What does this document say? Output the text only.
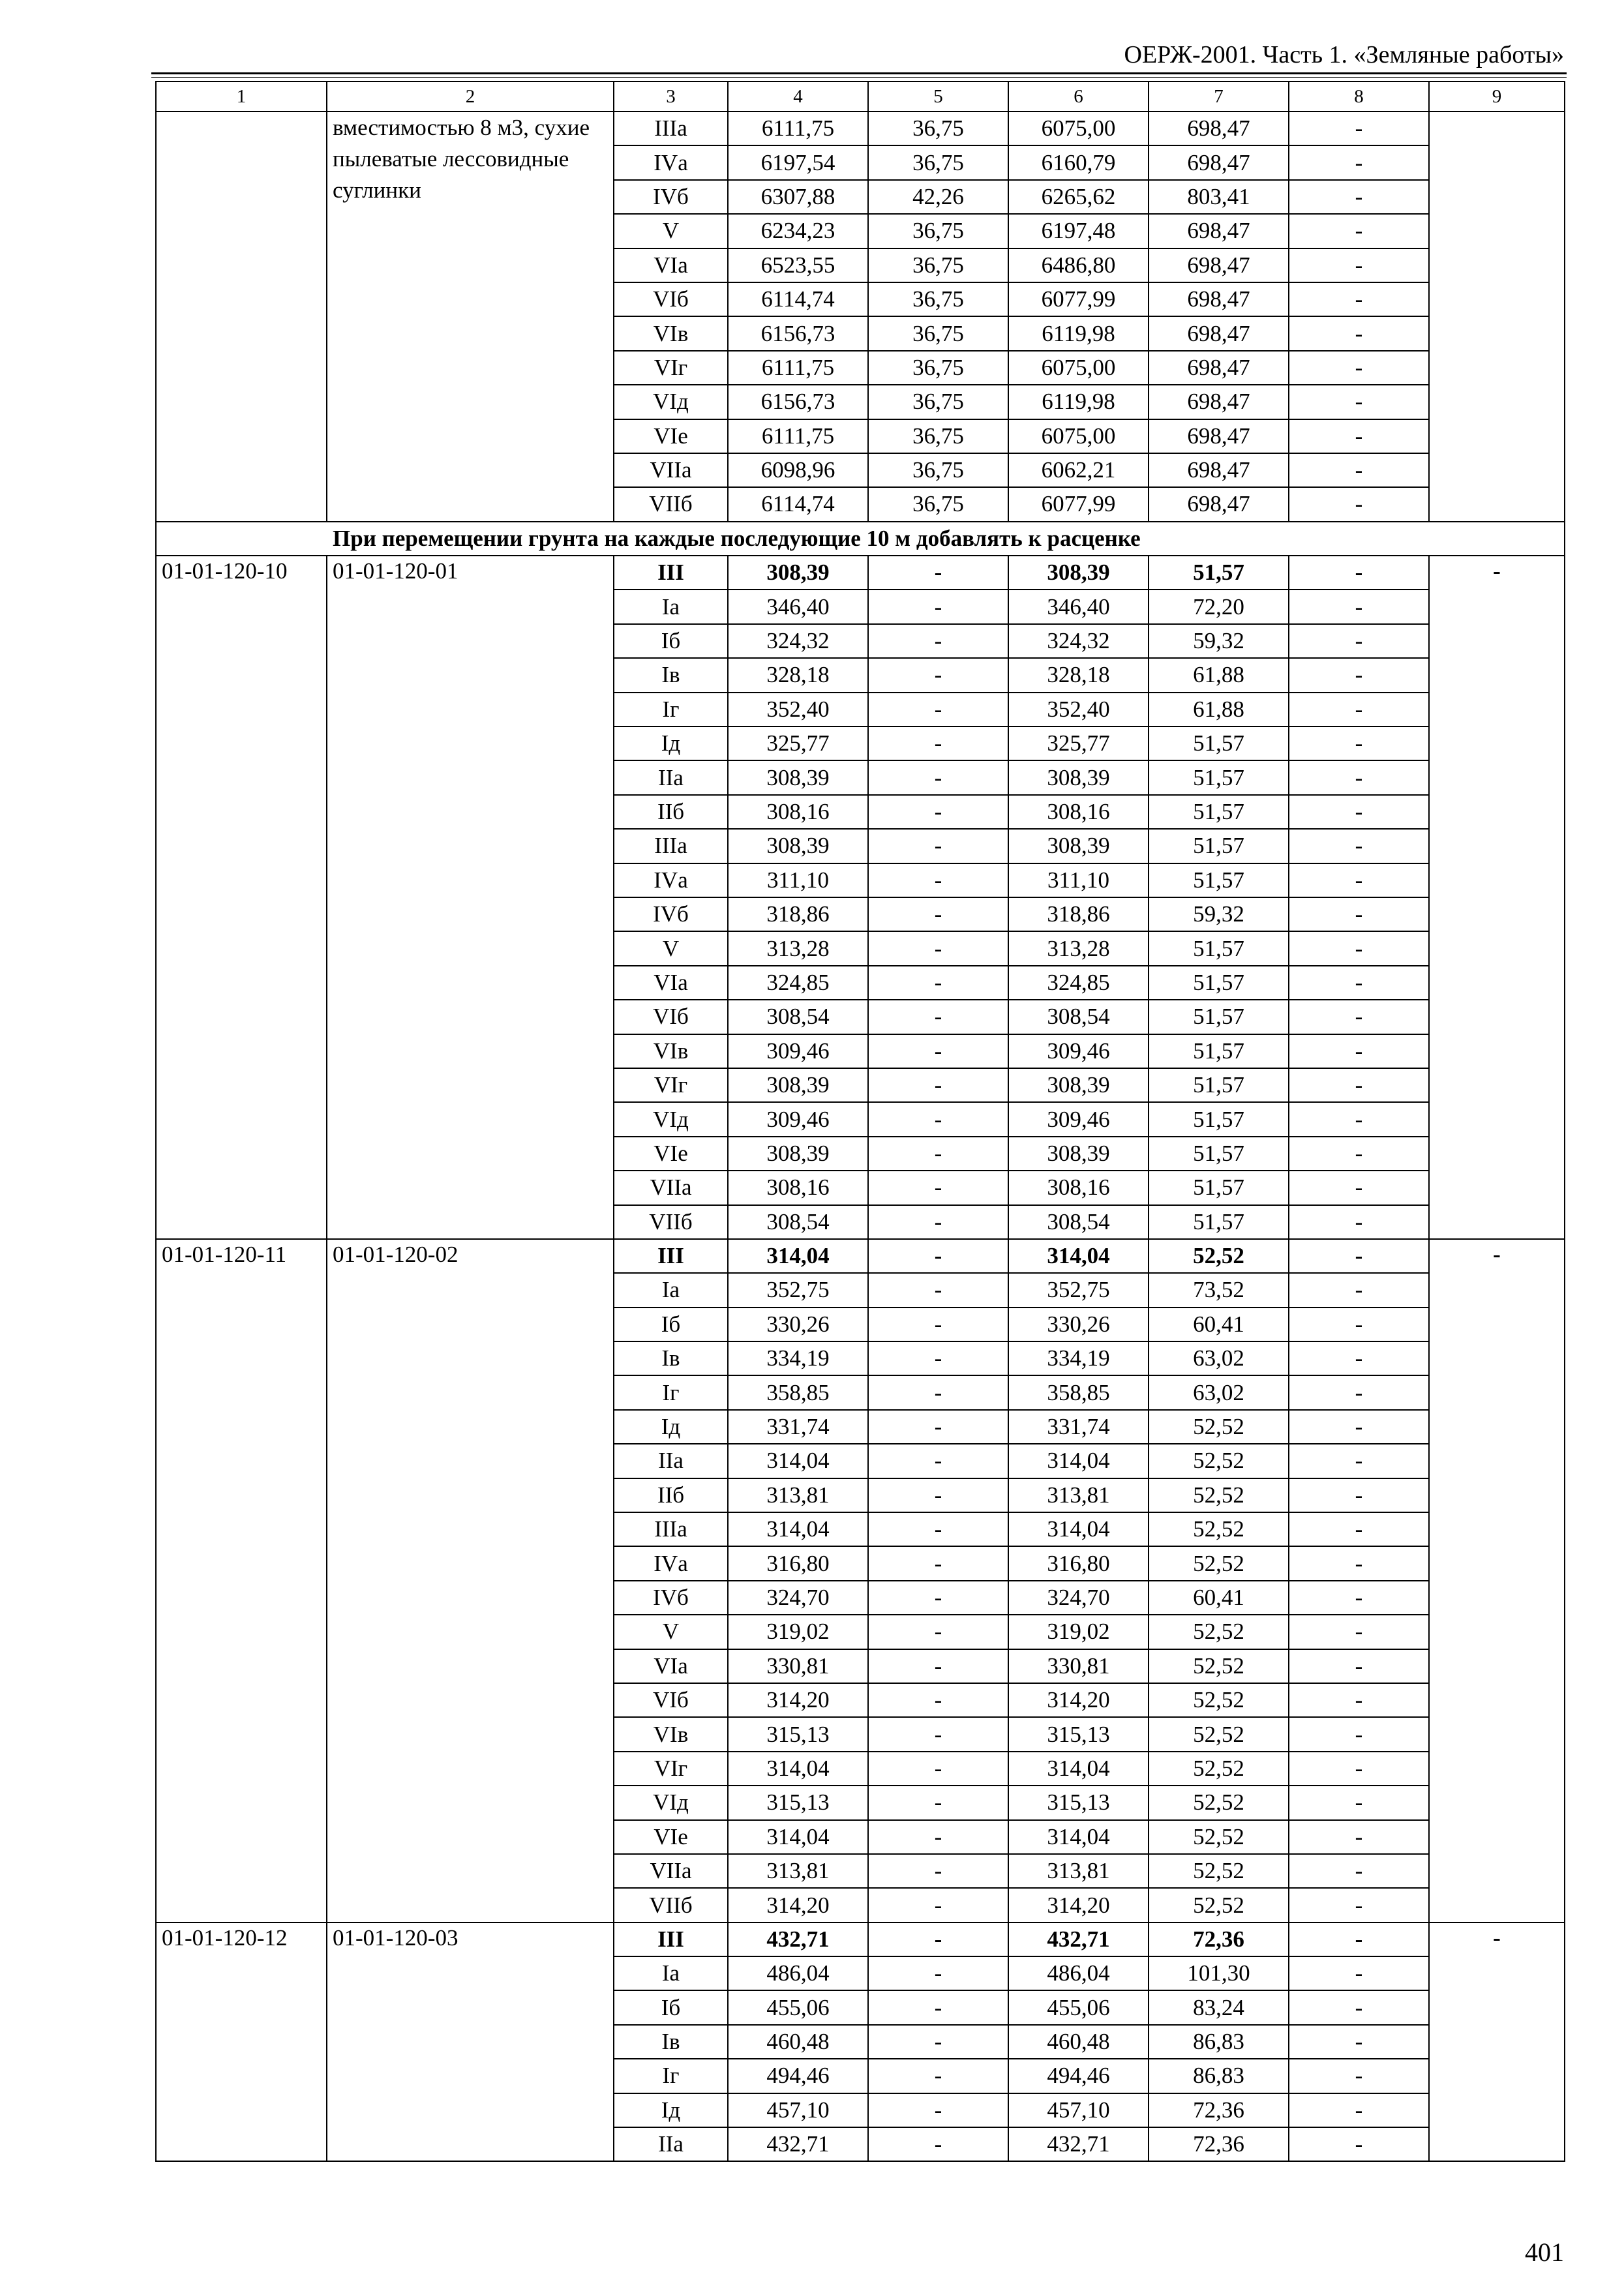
ОЕРЖ-2001. Часть 1. «Земляные работы»
1	2	3	4	5	6	7	8	9
	вместимостью 8 м3, сухие пылеватые лессовидные суглинки	IIIа	6111,75	36,75	6075,00	698,47	-	
		IVа	6197,54	36,75	6160,79	698,47	-	
		IVб	6307,88	42,26	6265,62	803,41	-	
		V	6234,23	36,75	6197,48	698,47	-	
		VIа	6523,55	36,75	6486,80	698,47	-	
		VIб	6114,74	36,75	6077,99	698,47	-	
		VIв	6156,73	36,75	6119,98	698,47	-	
		VIг	6111,75	36,75	6075,00	698,47	-	
		VIд	6156,73	36,75	6119,98	698,47	-	
		VIе	6111,75	36,75	6075,00	698,47	-	
		VIIа	6098,96	36,75	6062,21	698,47	-	
		VIIб	6114,74	36,75	6077,99	698,47	-	
При перемещении грунта на каждые последующие 10 м добавлять к расценке								
01-01-120-10	01-01-120-01	III	308,39	-	308,39	51,57	-	-

		Iа	346,40	-	346,40	72,20	-	
		Iб	324,32	-	324,32	59,32	-	
		Iв	328,18	-	328,18	61,88	-	
		Iг	352,40	-	352,40	61,88	-	
		Iд	325,77	-	325,77	51,57	-	
		IIа	308,39	-	308,39	51,57	-	
		IIб	308,16	-	308,16	51,57	-	
		IIIа	308,39	-	308,39	51,57	-	
		IVа	311,10	-	311,10	51,57	-	
		IVб	318,86	-	318,86	59,32	-	
		V	313,28	-	313,28	51,57	-	
		VIа	324,85	-	324,85	51,57	-	
		VIб	308,54	-	308,54	51,57	-	
		VIв	309,46	-	309,46	51,57	-	
		VIг	308,39	-	308,39	51,57	-	
		VIд	309,46	-	309,46	51,57	-	
		VIе	308,39	-	308,39	51,57	-	
		VIIа	308,16	-	308,16	51,57	-	
		VIIб	308,54	-	308,54	51,57	-	
01-01-120-11	01-01-120-02	III	314,04	-	314,04	52,52	-	-

		Iа	352,75	-	352,75	73,52	-	
		Iб	330,26	-	330,26	60,41	-	
		Iв	334,19	-	334,19	63,02	-	
		Iг	358,85	-	358,85	63,02	-	
		Iд	331,74	-	331,74	52,52	-	
		IIа	314,04	-	314,04	52,52	-	
		IIб	313,81	-	313,81	52,52	-	
		IIIа	314,04	-	314,04	52,52	-	
		IVа	316,80	-	316,80	52,52	-	
		IVб	324,70	-	324,70	60,41	-	
		V	319,02	-	319,02	52,52	-	
		VIа	330,81	-	330,81	52,52	-	
		VIб	314,20	-	314,20	52,52	-	
		VIв	315,13	-	315,13	52,52	-	
		VIг	314,04	-	314,04	52,52	-	
		VIд	315,13	-	315,13	52,52	-	
		VIе	314,04	-	314,04	52,52	-	
		VIIа	313,81	-	313,81	52,52	-	
		VIIб	314,20	-	314,20	52,52	-	
01-01-120-12	01-01-120-03	III	432,71	-	432,71	72,36	-	-

		Iа	486,04	-	486,04	101,30	-	
		Iб	455,06	-	455,06	83,24	-	
		Iв	460,48	-	460,48	86,83	-	
		Iг	494,46	-	494,46	86,83	-	
		Iд	457,10	-	457,10	72,36	-	
		IIа	432,71	-	432,71	72,36	-	
401
